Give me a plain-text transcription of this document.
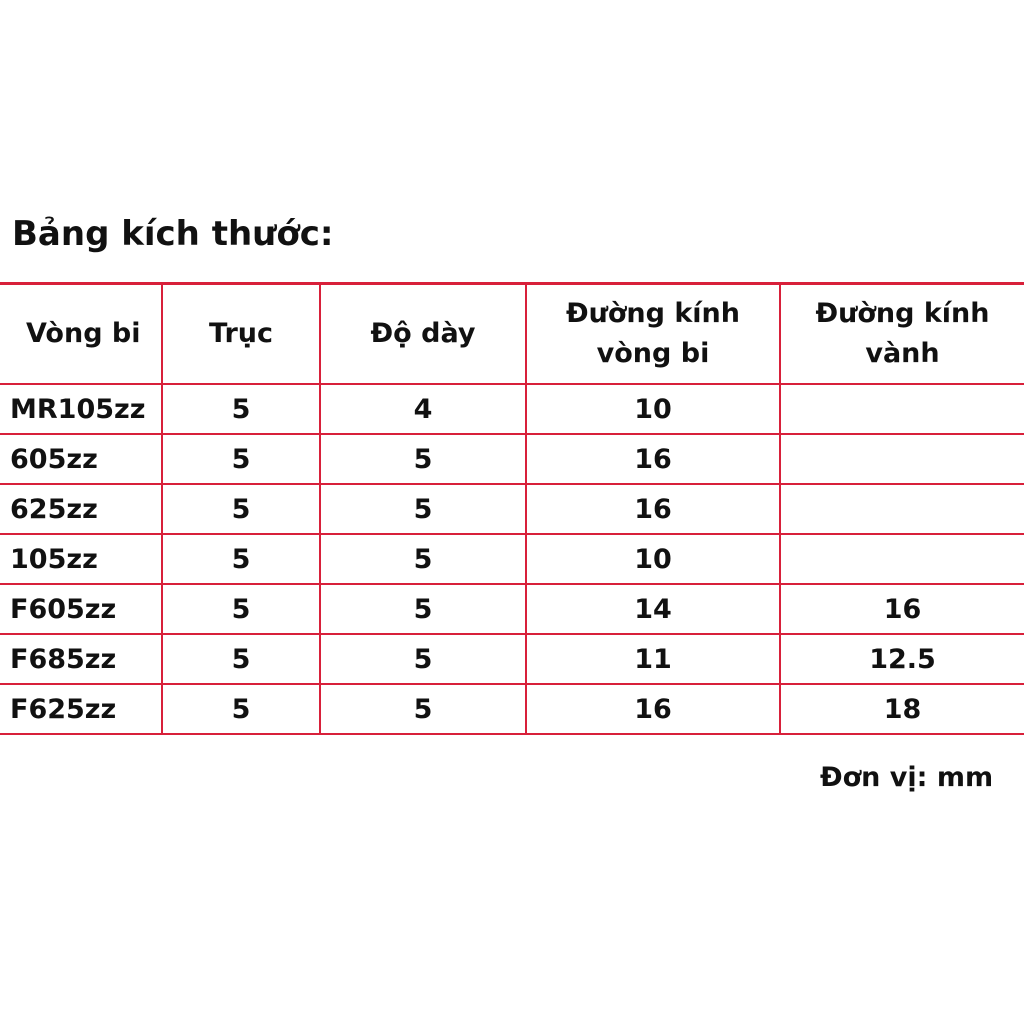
Bảng kích thước:
Vòng bi	Trục	Độ dày	Đường kính vòng bi	Đường kính vành
MR105zz	5	4	10	
605zz	5	5	16	
625zz	5	5	16	
105zz	5	5	10	
F605zz	5	5	14	16
F685zz	5	5	11	12.5
F625zz	5	5	16	18
Đơn vị: mm
